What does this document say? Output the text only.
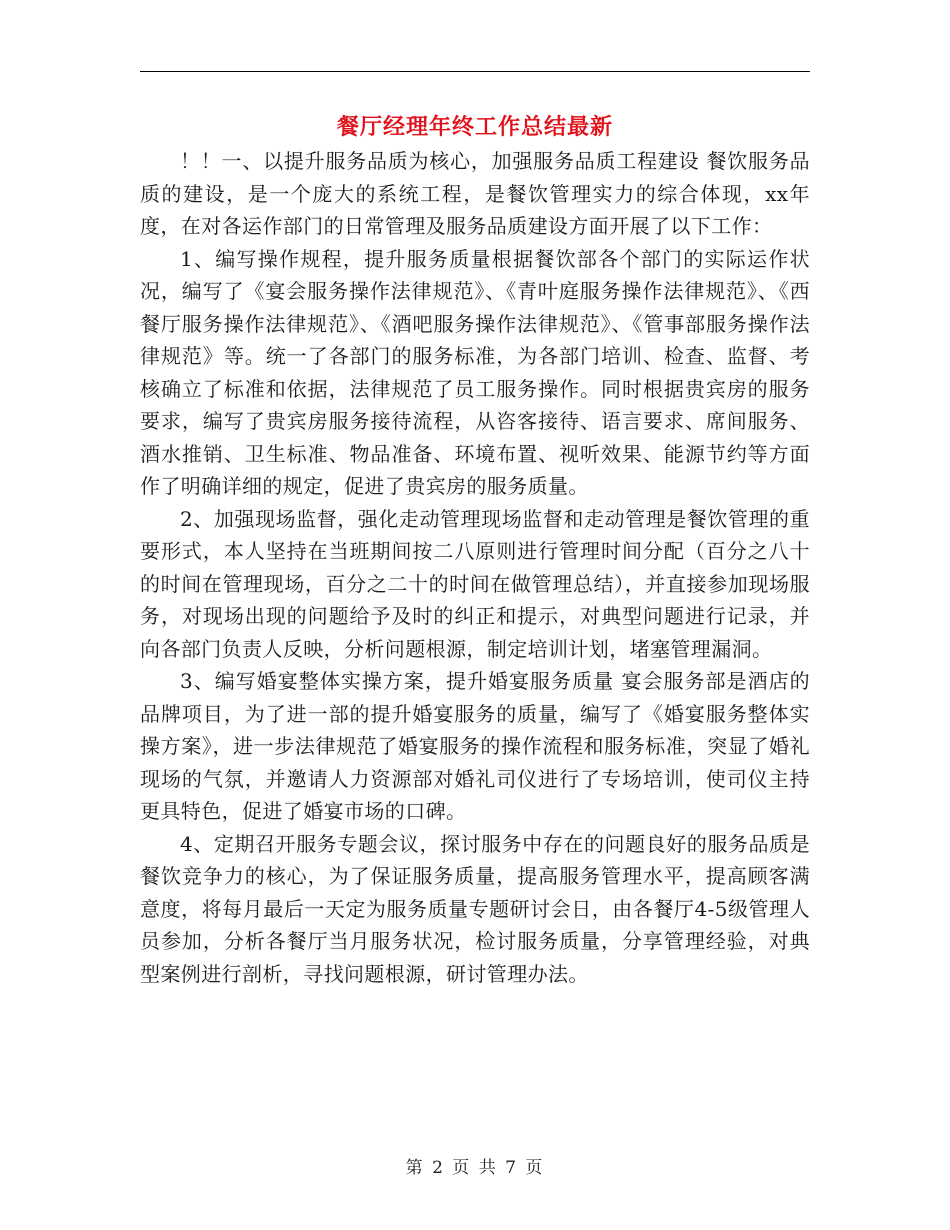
餐厅经理年终工作总结最新

！！一、以提升服务品质为核心，加强服务品质工程建设 餐饮服务品质的建设，是一个庞大的系统工程，是餐饮管理实力的综合体现，xx年度，在对各运作部门的日常管理及服务品质建设方面开展了以下工作：

1、编写操作规程，提升服务质量根据餐饮部各个部门的实际运作状况，编写了《宴会服务操作法律规范》、《青叶庭服务操作法律规范》、《西餐厅服务操作法律规范》、《酒吧服务操作法律规范》、《管事部服务操作法律规范》等。统一了各部门的服务标准，为各部门培训、检查、监督、考核确立了标准和依据，法律规范了员工服务操作。同时根据贵宾房的服务要求，编写了贵宾房服务接待流程，从咨客接待、语言要求、席间服务、酒水推销、卫生标准、物品准备、环境布置、视听效果、能源节约等方面作了明确详细的规定，促进了贵宾房的服务质量。

2、加强现场监督，强化走动管理现场监督和走动管理是餐饮管理的重要形式，本人坚持在当班期间按二八原则进行管理时间分配（百分之八十的时间在管理现场，百分之二十的时间在做管理总结），并直接参加现场服务，对现场出现的问题给予及时的纠正和提示，对典型问题进行记录，并向各部门负责人反映，分析问题根源，制定培训计划，堵塞管理漏洞。

3、编写婚宴整体实操方案，提升婚宴服务质量 宴会服务部是酒店的品牌项目，为了进一部的提升婚宴服务的质量，编写了《婚宴服务整体实操方案》，进一步法律规范了婚宴服务的操作流程和服务标准，突显了婚礼现场的气氛，并邀请人力资源部对婚礼司仪进行了专场培训，使司仪主持更具特色，促进了婚宴市场的口碑。

4、定期召开服务专题会议，探讨服务中存在的问题良好的服务品质是餐饮竞争力的核心，为了保证服务质量，提高服务管理水平，提高顾客满意度，将每月最后一天定为服务质量专题研讨会日，由各餐厅4-5级管理人员参加，分析各餐厅当月服务状况，检讨服务质量，分享管理经验，对典型案例进行剖析，寻找问题根源，研讨管理办法。

第 2 页 共 7 页
